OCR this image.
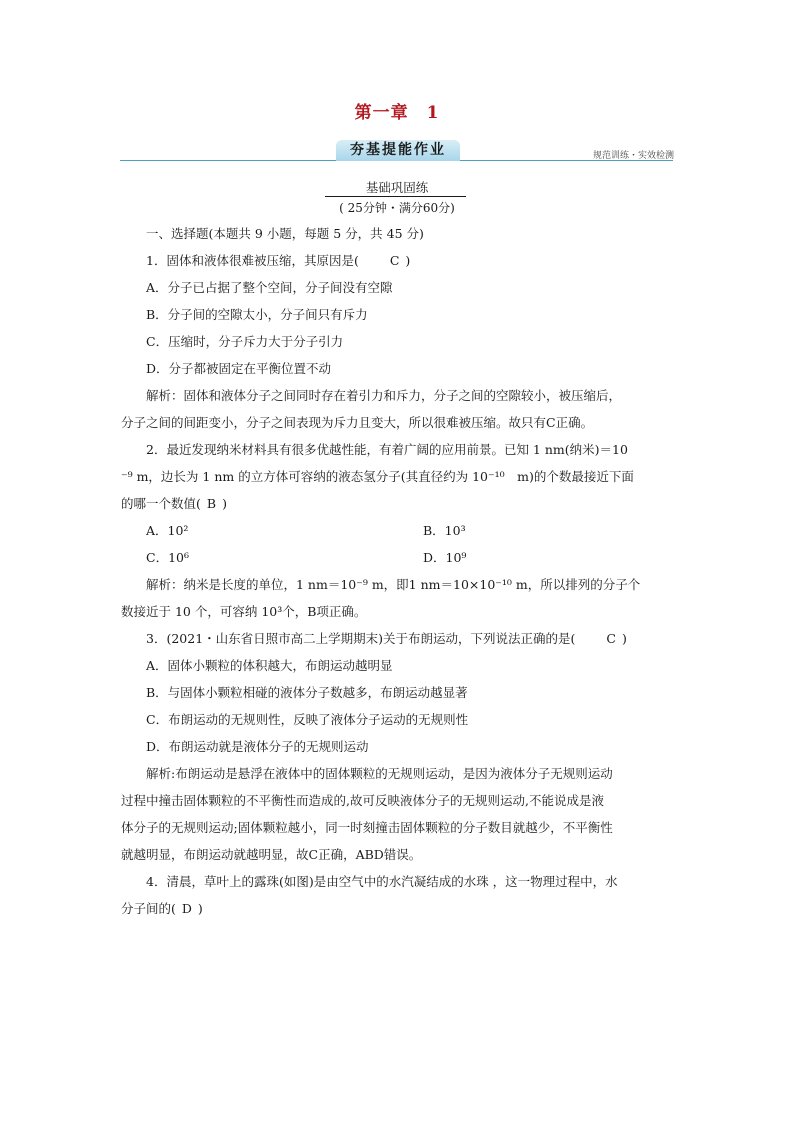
第一章　1
夯基提能作业	规范训练・实效检测
基础巩固练
( 25分钟・满分60分)

一、选择题(本题共 9 小题，每题 5 分，共 45 分)

1．固体和液体很难被压缩，其原因是( C )

A．分子已占据了整个空间，分子间没有空隙

B．分子间的空隙太小，分子间只有斥力

C．压缩时，分子斥力大于分子引力

D．分子都被固定在平衡位置不动

解析：固体和液体分子之间同时存在着引力和斥力，分子之间的空隙较小，被压缩后，

分子之间的间距变小，分子之间表现为斥力且变大，所以很难被压缩。故只有C正确。

2．最近发现纳米材料具有很多优越性能，有着广阔的应用前景。已知 1 nm(纳米)＝10

⁻⁹ m，边长为 1 nm 的立方体可容纳的液态氢分子(其直径约为 10⁻¹⁰　m)的个数最接近下面

的哪一个数值( B )

A．10²	B．10³
C．10⁶	D．10⁹

解析：纳米是长度的单位，1 nm＝10⁻⁹ m，即1 nm＝10×10⁻¹⁰ m，所以排列的分子个

数接近于 10 个，可容纳 10³个，B项正确。

3．(2021・山东省日照市高二上学期期末)关于布朗运动，下列说法正确的是( C )

A．固体小颗粒的体积越大，布朗运动越明显

B．与固体小颗粒相碰的液体分子数越多，布朗运动越显著

C．布朗运动的无规则性，反映了液体分子运动的无规则性

D．布朗运动就是液体分子的无规则运动

解析:布朗运动是悬浮在液体中的固体颗粒的无规则运动，是因为液体分子无规则运动

过程中撞击固体颗粒的不平衡性而造成的,故可反映液体分子的无规则运动,不能说成是液

体分子的无规则运动;固体颗粒越小，同一时刻撞击固体颗粒的分子数目就越少，不平衡性

就越明显，布朗运动就越明显，故C正确，ABD错误。

4．清晨，草叶上的露珠(如图)是由空气中的水汽凝结成的水珠 ，这一物理过程中，水

分子间的( D )
